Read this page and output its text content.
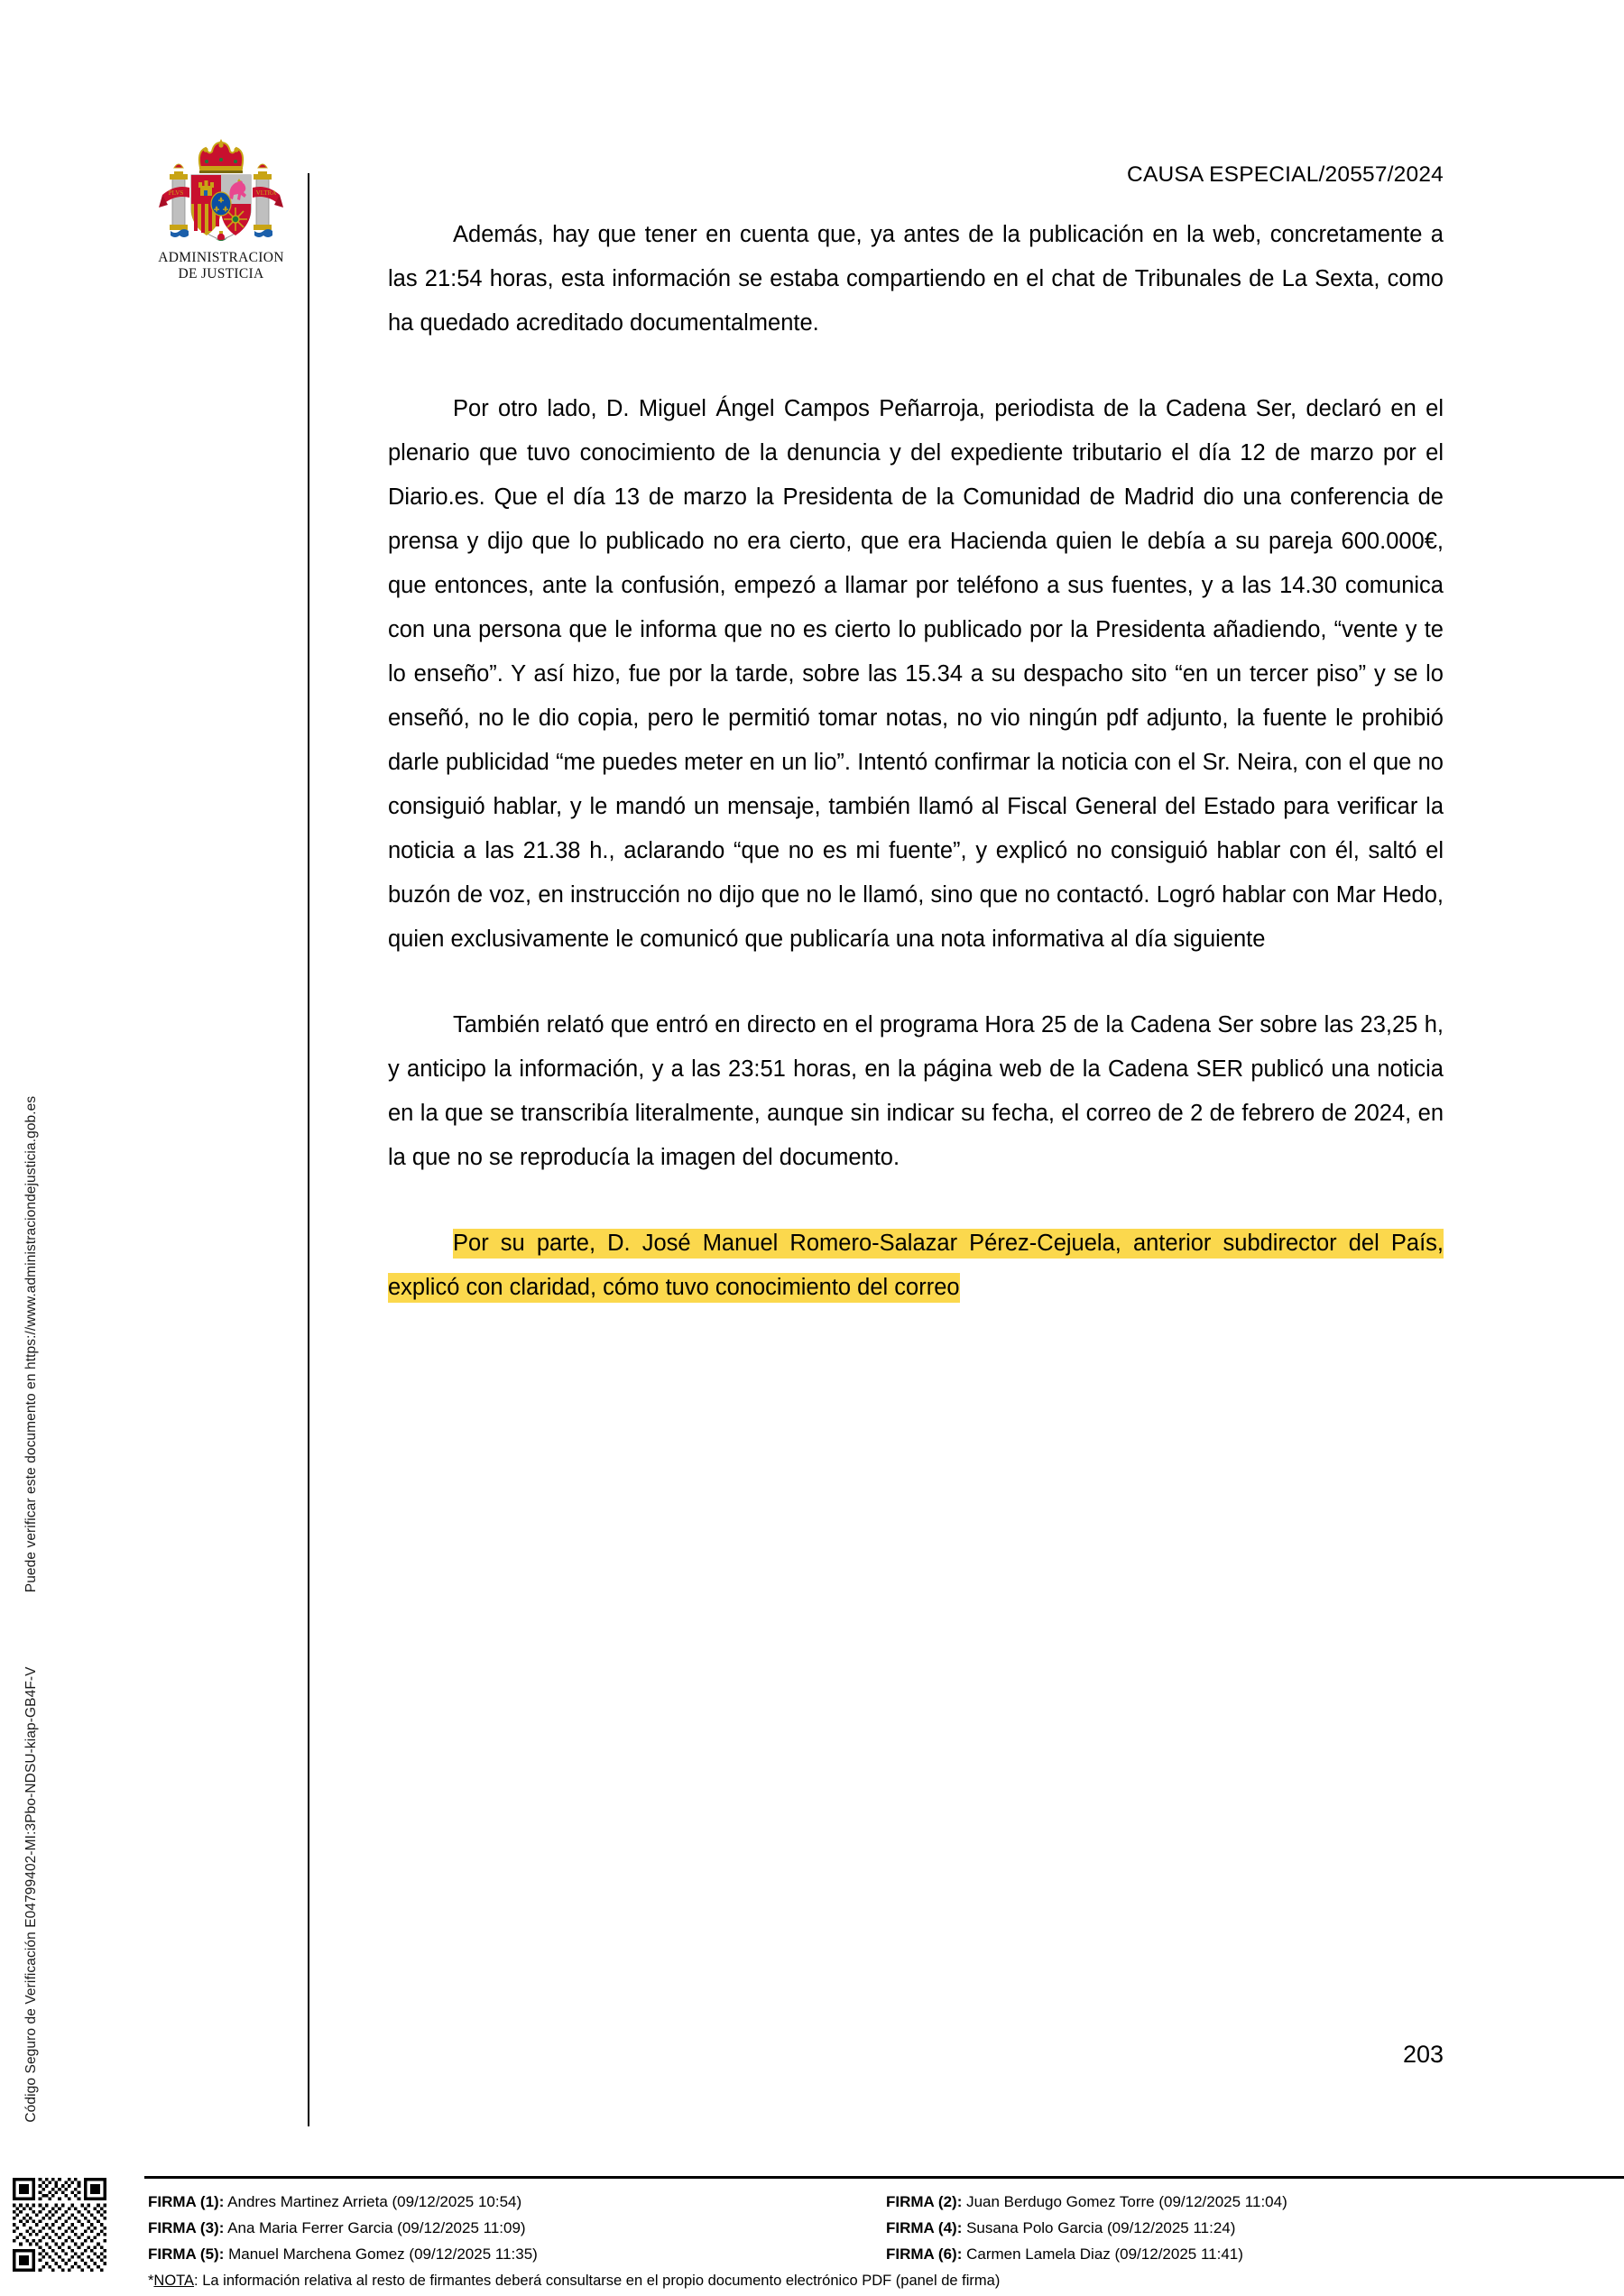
Puede verificar este documento en https://www.administraciondejusticia.gob.es
Código Seguro de Verificación E04799402-MI:3Pbo-NDSU-kiap-GB4F-V
PLVS	VLTRA
ADMINISTRACION
DE JUSTICIA
CAUSA ESPECIAL/20557/2024

Además, hay que tener en cuenta que, ya antes de la publicación en la web, concretamente a las 21:54 horas, esta información se estaba compartiendo en el chat de Tribunales de La Sexta, como ha quedado acreditado documentalmente.

Por otro lado, D. Miguel Ángel Campos Peñarroja, periodista de la Cadena Ser, declaró en el plenario que tuvo conocimiento de la denuncia y del expediente tributario el día 12 de marzo por el Diario.es. Que el día 13 de marzo la Presidenta de la Comunidad de Madrid dio una conferencia de prensa y dijo que lo publicado no era cierto, que era Hacienda quien le debía a su pareja 600.000€, que entonces, ante la confusión, empezó a llamar por teléfono a sus fuentes, y a las 14.30 comunica con una persona que le informa que no es cierto lo publicado por la Presidenta añadiendo, “vente y te lo enseño”. Y así hizo, fue por la tarde, sobre las 15.34 a su despacho sito “en un tercer piso” y se lo enseñó, no le dio copia, pero le permitió tomar notas, no vio ningún pdf adjunto, la fuente le prohibió darle publicidad “me puedes meter en un lio”. Intentó confirmar la noticia con el Sr. Neira, con el que no consiguió hablar, y le mandó un mensaje, también llamó al Fiscal General del Estado para verificar la noticia a las 21.38 h., aclarando “que no es mi fuente”, y explicó no consiguió hablar con él, saltó el buzón de voz, en instrucción no dijo que no le llamó, sino que no contactó. Logró hablar con Mar Hedo, quien exclusivamente le comunicó que publicaría una nota informativa al día siguiente

También relató que entró en directo en el programa Hora 25 de la Cadena Ser sobre las 23,25 h, y anticipo la información, y a las 23:51 horas, en la página web de la Cadena SER publicó una noticia en la que se transcribía literalmente, aunque sin indicar su fecha, el correo de 2 de febrero de 2024, en la que no se reproducía la imagen del documento.

Por su parte, D. José Manuel Romero-Salazar Pérez-Cejuela, anterior subdirector del País, explicó con claridad, cómo tuvo conocimiento del correo

203
FIRMA (1): Andres Martinez Arrieta (09/12/2025 10:54)
FIRMA (3): Ana Maria Ferrer Garcia (09/12/2025 11:09)
FIRMA (5): Manuel Marchena Gomez (09/12/2025 11:35)
FIRMA (2): Juan Berdugo Gomez Torre (09/12/2025 11:04)
FIRMA (4): Susana Polo Garcia (09/12/2025 11:24)
FIRMA (6): Carmen Lamela Diaz (09/12/2025 11:41)
*NOTA: La información relativa al resto de firmantes deberá consultarse en el propio documento electrónico PDF (panel de firma)
